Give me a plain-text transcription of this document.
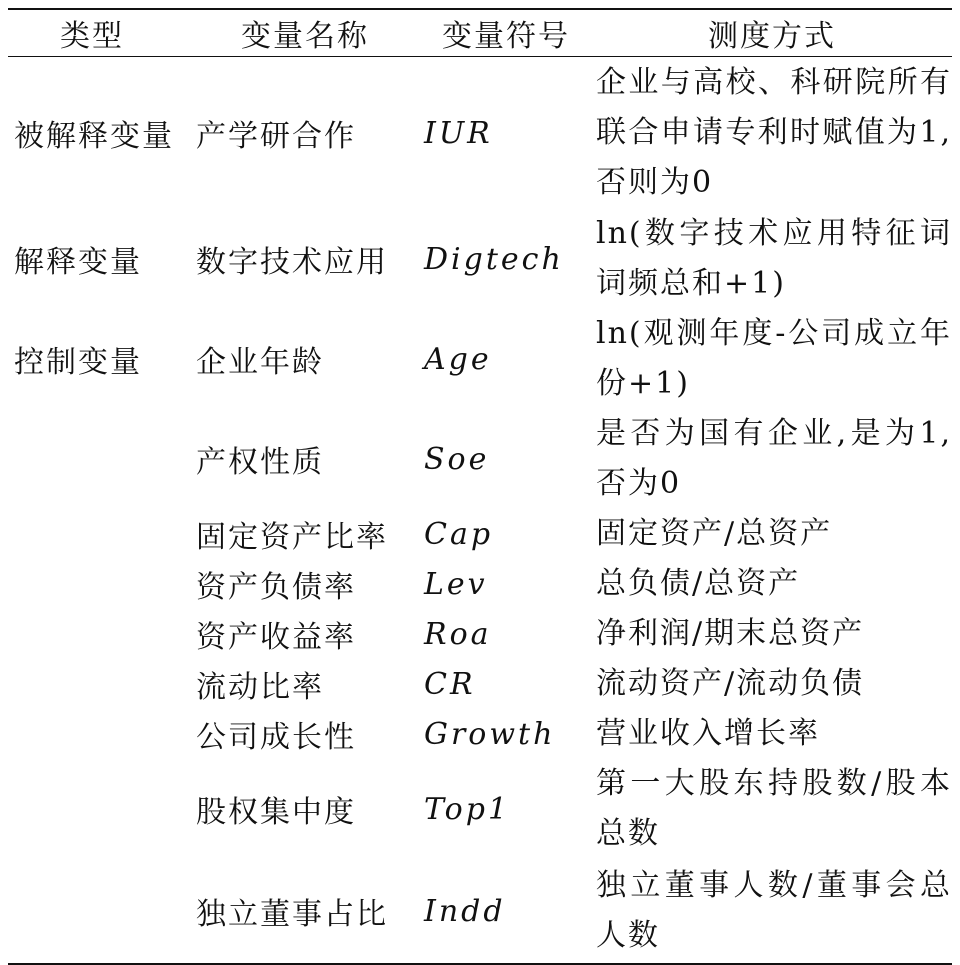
类型	变量名称	变量符号	测度方式
被解释变量	产学研合作	IUR	企业与高校、科研院所有联合申请专利时赋值为1,否则为0
解释变量	数字技术应用	Digtech	ln(数字技术应用特征词词频总和+1)
控制变量	企业年龄	Age	ln(观测年度-公司成立年份+1)
	产权性质	Soe	是否为国有企业,是为1,否为0
	固定资产比率	Cap	固定资产/总资产
	资产负债率	Lev	总负债/总资产
	资产收益率	Roa	净利润/期末总资产
	流动比率	CR	流动资产/流动负债
	公司成长性	Growth	营业收入增长率
	股权集中度	Top1	第一大股东持股数/股本总数
	独立董事占比	Indd	独立董事人数/董事会总人数
